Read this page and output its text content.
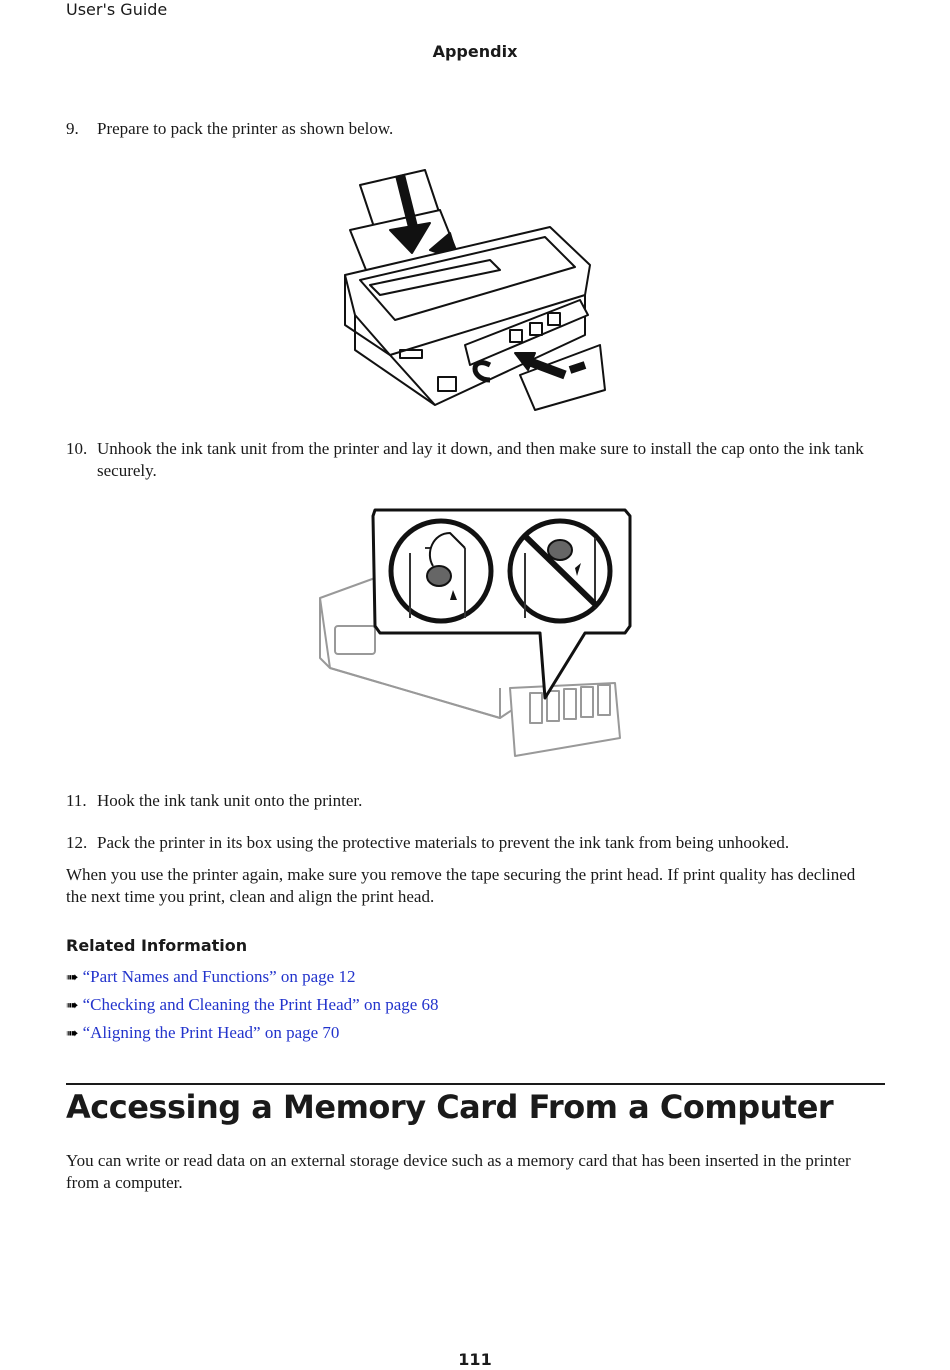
User's Guide
Appendix
9. Prepare to pack the printer as shown below.
10. Unhook the ink tank unit from the printer and lay it down, and then make sure to install the cap onto the ink tank securely.
11. Hook the ink tank unit onto the printer.
12. Pack the printer in its box using the protective materials to prevent the ink tank from being unhooked.
When you use the printer again, make sure you remove the tape securing the print head. If print quality has declined the next time you print, clean and align the print head.
Related Information
➠ “Part Names and Functions” on page 12
➠ “Checking and Cleaning the Print Head” on page 68
➠ “Aligning the Print Head” on page 70
Accessing a Memory Card From a Computer
You can write or read data on an external storage device such as a memory card that has been inserted in the printer from a computer.
111
